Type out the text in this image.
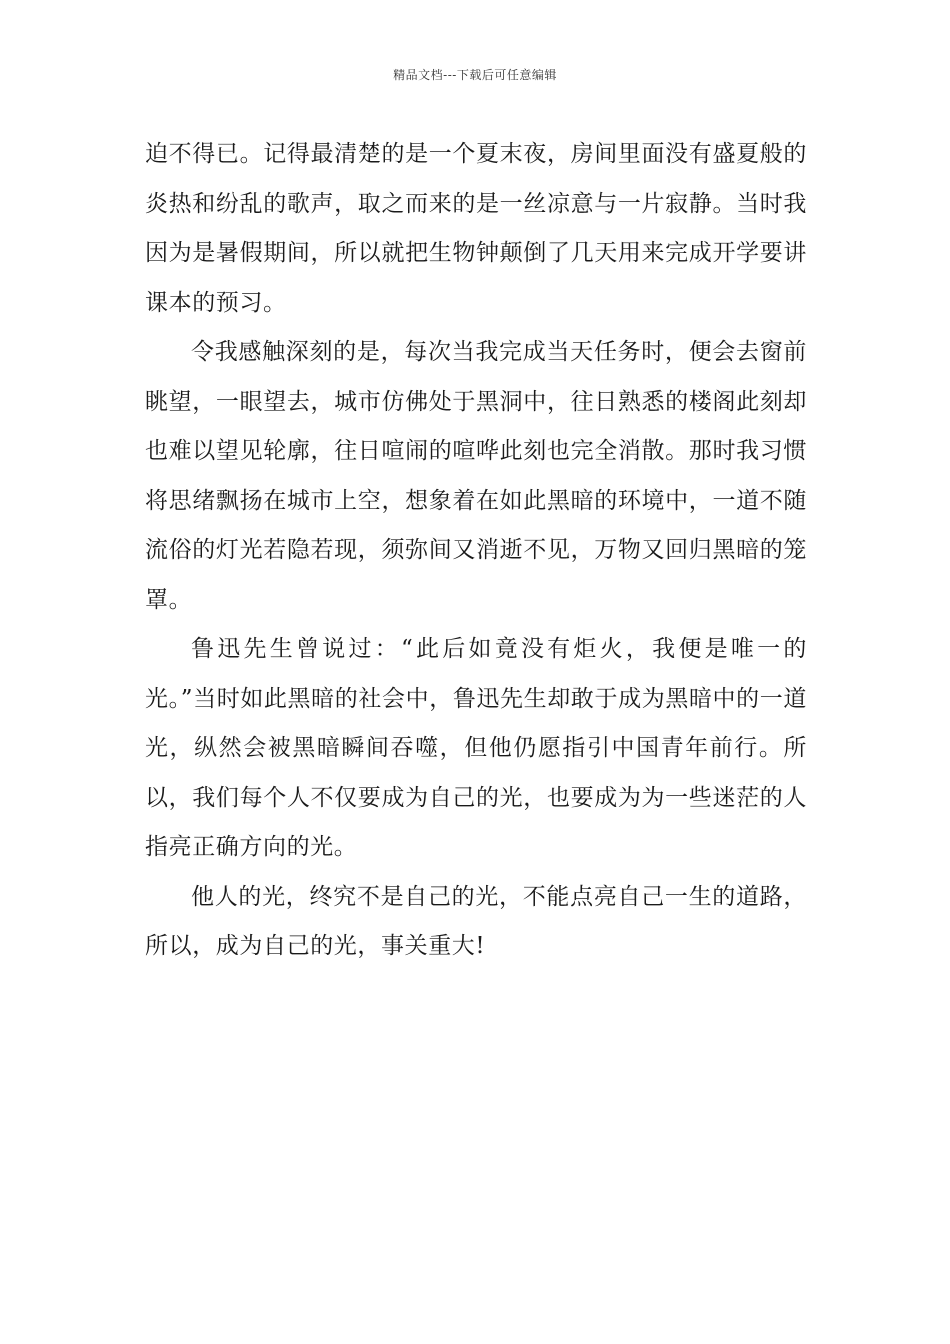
精品文档---下载后可任意编辑

迫不得已。记得最清楚的是一个夏末夜，房间里面没有盛夏般的炎热和纷乱的歌声，取之而来的是一丝凉意与一片寂静。当时我因为是暑假期间，所以就把生物钟颠倒了几天用来完成开学要讲课本的预习。

令我感触深刻的是，每次当我完成当天任务时，便会去窗前眺望，一眼望去，城市仿佛处于黑洞中，往日熟悉的楼阁此刻却也难以望见轮廓，往日喧闹的喧哗此刻也完全消散。那时我习惯将思绪飘扬在城市上空，想象着在如此黑暗的环境中，一道不随流俗的灯光若隐若现，须弥间又消逝不见，万物又回归黑暗的笼罩。

鲁迅先生曾说过：“此后如竟没有炬火，我便是唯一的光。”当时如此黑暗的社会中，鲁迅先生却敢于成为黑暗中的一道光，纵然会被黑暗瞬间吞噬，但他仍愿指引中国青年前行。所以，我们每个人不仅要成为自己的光，也要成为为一些迷茫的人指亮正确方向的光。

他人的光，终究不是自己的光，不能点亮自己一生的道路，所以，成为自己的光，事关重大!
